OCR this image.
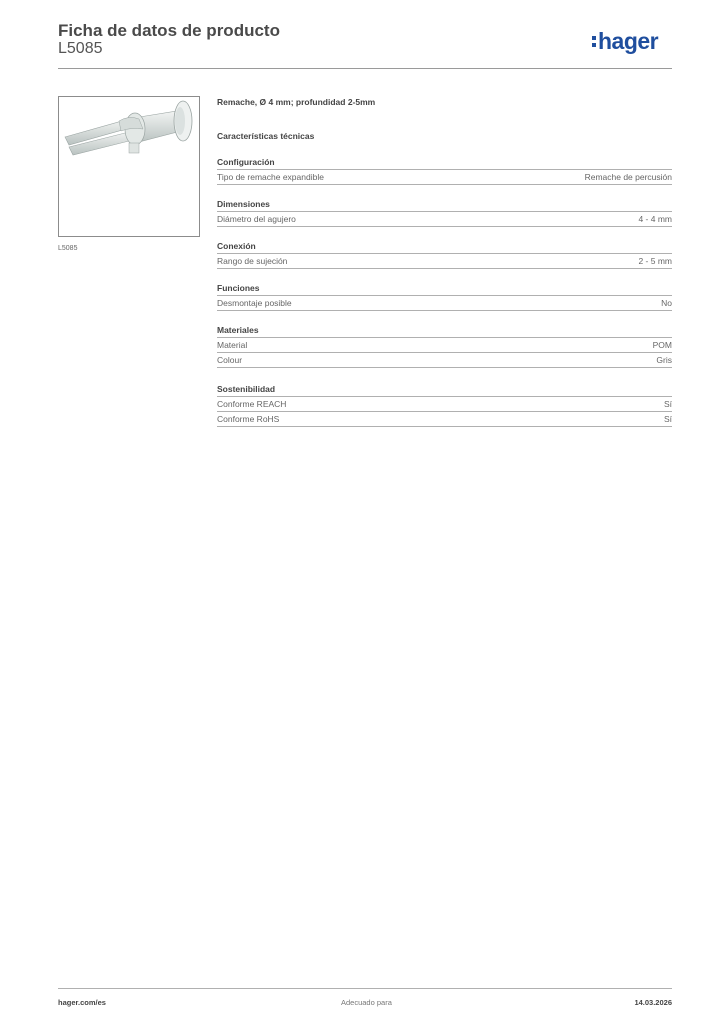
Ficha de datos de producto
L5085	hager
L5085
Remache, Ø 4 mm; profundidad 2-5mm
Características técnicas
Configuración
Tipo de remache expandible	Remache de percusión
Dimensiones
Diámetro del agujero	4 - 4 mm
Conexión
Rango de sujeción	2 - 5 mm
Funciones
Desmontaje posible	No
Materiales
Material	POM
Colour	Gris
Sostenibilidad
Conforme REACH	Sí
Conforme RoHS	Sí
hager.com/es	Adecuado para	14.03.2026
